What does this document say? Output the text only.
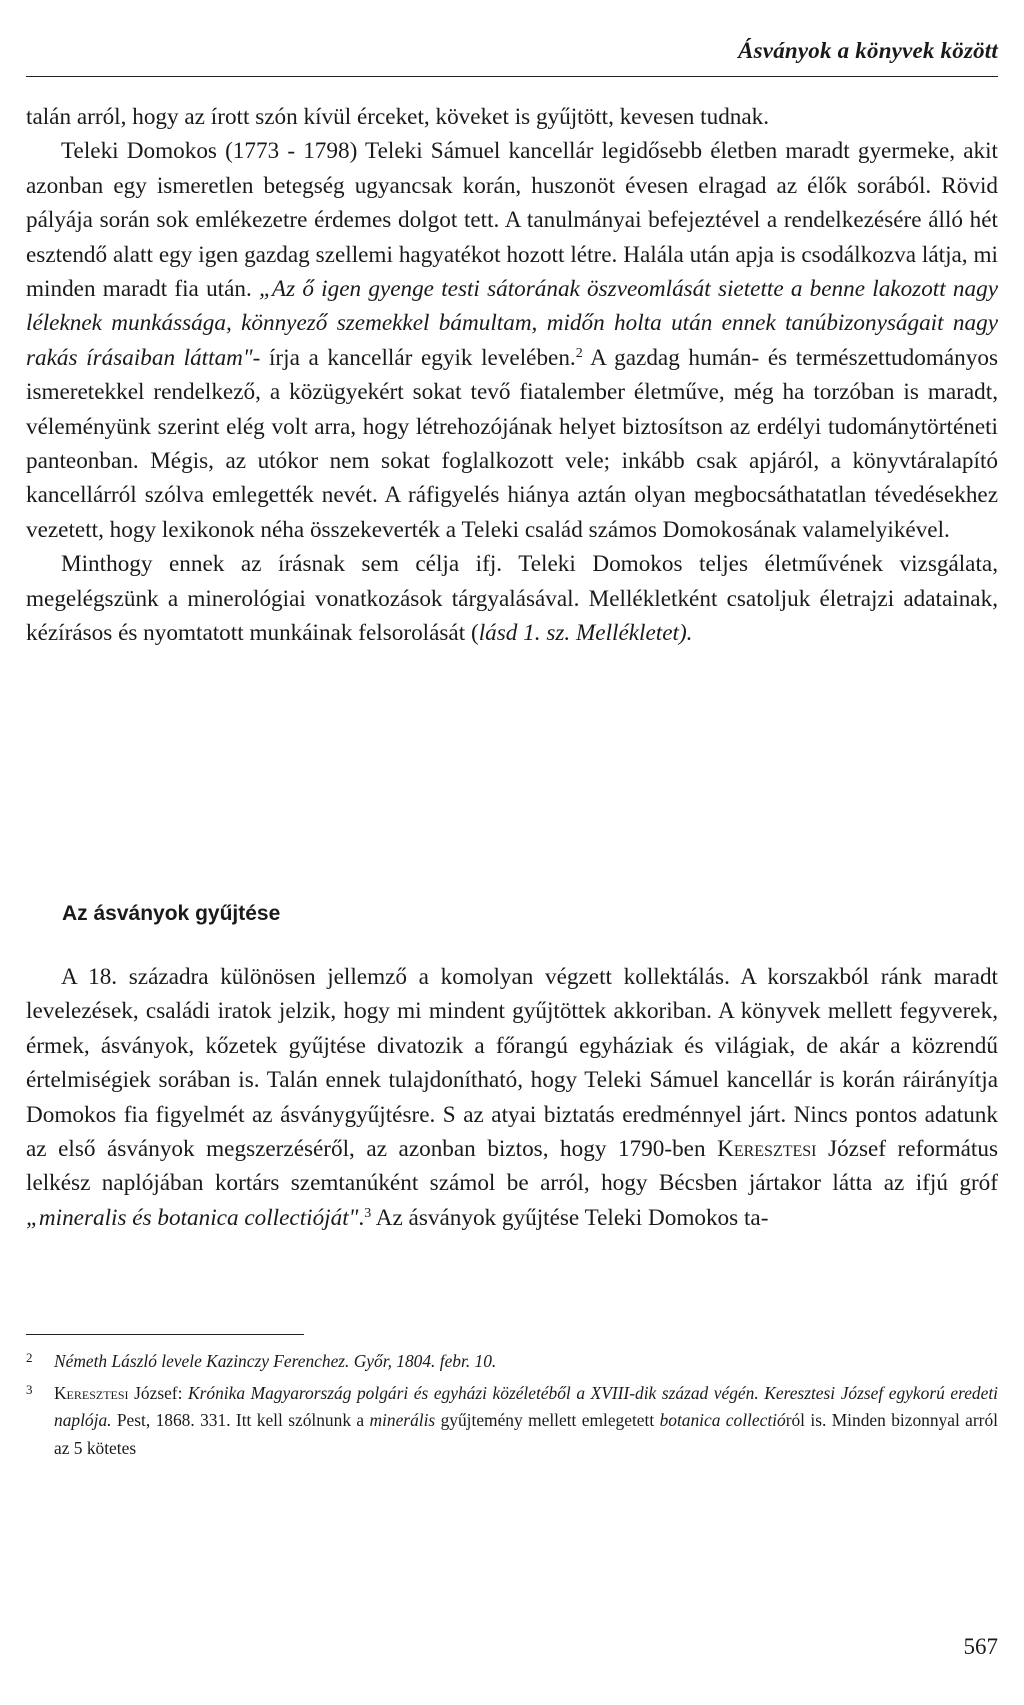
Ásványok a könyvek között

talán arról, hogy az írott szón kívül érceket, köveket is gyűjtött, kevesen tudnak.

Teleki Domokos (1773 - 1798) Teleki Sámuel kancellár legidősebb életben maradt gyermeke, akit azonban egy ismeretlen betegség ugyancsak korán, huszonöt évesen elragad az élők sorából. Rövid pályája során sok emlékezetre érdemes dolgot tett. A tanulmányai befejeztével a rendelkezésére álló hét esztendő alatt egy igen gazdag szellemi hagyatékot hozott létre. Halála után apja is csodálkozva látja, mi minden maradt fia után. „Az ő igen gyenge testi sátorának öszveomlását sietette a benne lakozott nagy léleknek munkássága, könnyező szemekkel bámultam, midőn holta után ennek tanúbizonyságait nagy rakás írásaiban láttam"- írja a kancellár egyik levelében.$^2$ A gazdag humán- és természettudományos ismeretekkel rendelkező, a közügyekért sokat tevő fiatalember életműve, még ha torzóban is maradt, véleményünk szerint elég volt arra, hogy létrehozójának helyet biztosítson az erdélyi tudománytörténeti panteonban. Mégis, az utókor nem sokat foglalkozott vele; inkább csak apjáról, a könyvtáralapító kancellárról szólva emlegették nevét. A ráfigyelés hiánya aztán olyan megbocsáthatatlan tévedésekhez vezetett, hogy lexikonok néha összekeverték a Teleki család számos Domokosának valamelyikével.

Minthogy ennek az írásnak sem célja ifj. Teleki Domokos teljes életművének vizsgálata, megelégszünk a minerológiai vonatkozások tárgyalásával. Mellékletként csatoljuk életrajzi adatainak, kézírásos és nyomtatott munkáinak felsorolását (lásd 1. sz. Mellékletet).

Az ásványok gyűjtése

A 18. századra különösen jellemző a komolyan végzett kollektálás. A korszakból ránk maradt levelezések, családi iratok jelzik, hogy mi mindent gyűjtöttek akkoriban. A könyvek mellett fegyverek, érmek, ásványok, kőzetek gyűjtése divatozik a főrangú egyháziak és világiak, de akár a közrendű értelmiségiek sorában is. Talán ennek tulajdonítható, hogy Teleki Sámuel kancellár is korán ráirányítja Domokos fia figyelmét az ásványgyűjtésre. S az atyai biztatás eredménnyel járt. Nincs pontos adatunk az első ásványok megszerzéséről, az azonban biztos, hogy 1790-ben Keresztesi József református lelkész naplójában kortárs szemtanúként számol be arról, hogy Bécsben jártakor látta az ifjú gróf „mineralis és botanica collectióját".$^3$ Az ásványok gyűjtése Teleki Domokos ta-

2 Németh László levele Kazinczy Ferenchez. Győr, 1804. febr. 10.

3 Keresztesi József: Krónika Magyarország polgári és egyházi közéletéből a XVIII-dik század végén. Keresztesi József egykorú eredeti naplója. Pest, 1868. 331. Itt kell szólnunk a minerális gyűjtemény mellett emlegetett botanica collectióról is. Minden bizonnyal arról az 5 kötetes

567
